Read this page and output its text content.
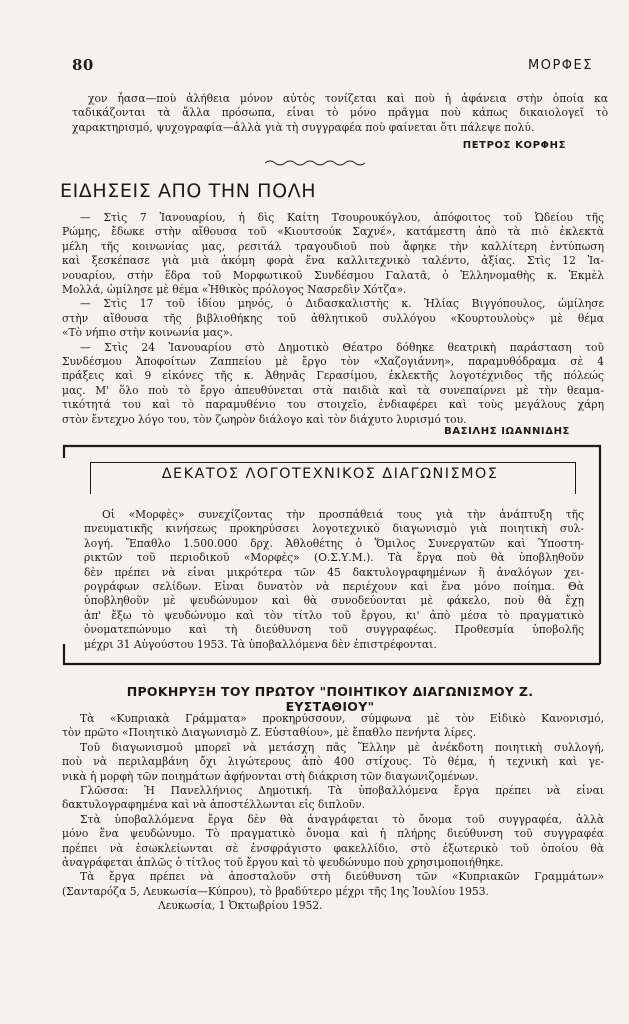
80	ΜΟΡΦΕΣ
χον ἦασα—ποὺ ἀλήθεια μόνον αὐτὸς τονίζεται καὶ ποὺ ἡ ἀφάνεια στὴν ὁποία κα
ταδικάζονται τὰ ἄλλα πρόσωπα, εἶναι τὸ μόνο πρᾶγμα ποὺ κάπως δικαιολογεῖ τὸ
χαρακτηρισμό, ψυχογραφία—ἀλλὰ γιὰ τὴ συγγραφέα ποὺ φαίνεται ὅτι πάλεψε πολύ.
ΠΕΤΡΟΣ ΚΟΡΦΗΣ
ΕΙΔΗΣΕΙΣ ΑΠΟ ΤΗΝ ΠΟΛΗ
— Στὶς 7 Ἰανουαρίου, ἡ δὶς Καίτη Τσουρουκόγλου, ἀπόφοιτος τοῦ Ὠδείου τῆς
Ρώμης, ἔδωκε στὴν αἴθουσα τοῦ «Κιουτσούκ Σαχνέ», κατάμεστη ἀπὸ τὰ πιὸ ἐκλεκτὰ
μέλη τῆς κοινωνίας μας, ρεσιτάλ τραγουδιοῦ ποὺ ἄφηκε τὴν καλλίτερη ἐντύπωση
καὶ ξεσκέπασε γιὰ μιὰ ἀκόμη φορὰ ἕνα καλλιτεχνικὸ ταλέντο, ἀξίας. Στὶς 12 Ἰα-
νουαρίου, στὴν ἕδρα τοῦ Μορφωτικοῦ Συνδέσμου Γαλατᾶ, ὁ Ἑλληνομαθὴς κ. Ἐκμὲλ
Μολλά, ὡμίλησε μὲ θέμα «Ἠθικὸς πρόλογος Νασρεδὶν Χότζα».
— Στὶς 17 τοῦ ἰδίου μηνός, ὁ Διδασκαλιστὴς κ. Ἠλίας Βιγγόπουλος, ὡμίλησε
στὴν αἴθουσα τῆς βιβλιοθήκης τοῦ ἀθλητικοῦ συλλόγου «Κουρτουλοὺς» μὲ θέμα
«Τὸ νήπιο στὴν κοινωνία μας».
— Στὶς 24 Ἰανουαρίου στὸ Δημοτικὸ Θέατρο δόθηκε θεατρικὴ παράσταση τοῦ
Συνδέσμου Ἀποφοίτων Ζαππείου μὲ ἔργο τὸν «Χαζογιάννη», παραμυθόδραμα σὲ 4
πράξεις καὶ 9 εἰκόνες τῆς κ. Ἀθηνᾶς Γερασίμου, ἐκλεκτῆς λογοτέχνιδος τῆς πόλεώς
μας. Μ' ὅλο ποὺ τὸ ἔργο ἀπευθύνεται στὰ παιδιὰ καὶ τὰ συνεπαίρνει μὲ τὴν θεαμα-
τικότητά του καὶ τὸ παραμυθένιο του στοιχεῖο, ἐνδιαφέρει καὶ τοὺς μεγάλους χάρη
στὸν ἔντεχνο λόγο του, τὸν ζωηρὸν διάλογο καὶ τὸν διάχυτο λυρισμό του.
ΒΑΣΙΛΗΣ ΙΩΑΝΝΙΔΗΣ
ΔΕΚΑΤΟΣ ΛΟΓΟΤΕΧΝΙΚΟΣ ΔΙΑΓΩΝΙΣΜΟΣ
Οἱ «Μορφὲς» συνεχίζοντας τὴν προσπάθειά τους γιὰ τὴν ἀνάπτυξη τῆς
πνευματικῆς κινήσεως προκηρύσσει λογοτεχνικὸ διαγωνισμὸ γιὰ ποιητικὴ συλ-
λογή. Ἔπαθλο 1.500.000 δρχ. Ἀθλοθέτης ὁ Ὅμιλος Συνεργατῶν καὶ Ὑποστη-
ρικτῶν τοῦ περιοδικοῦ «Μορφὲς» (Ο.Σ.Υ.Μ.). Τὰ ἔργα ποὺ θὰ ὑποβληθοῦν
δὲν πρέπει νὰ εἶναι μικρότερα τῶν 45 δακτυλογραφημένων ἢ ἀναλόγων χει-
ρογράφων σελίδων. Εἶναι δυνατὸν νὰ περιέχουν καὶ ἕνα μόνο ποίημα. Θὰ
ὑποβληθοῦν μὲ ψευδώνυμον καὶ θὰ συνοδεύονται μὲ φάκελο, ποὺ θὰ ἔχῃ
ἀπ' ἔξω τὸ ψευδώνυμο καὶ τὸν τίτλο τοῦ ἔργου, κι' ἀπὸ μέσα τὸ πραγματικὸ
ὀνοματεπώνυμο καὶ τὴ διεύθυνση τοῦ συγγραφέως. Προθεσμία ὑποβολῆς
μέχρι 31 Αὐγούστου 1953. Τὰ ὑποβαλλόμενα δὲν ἐπιστρέφονται.
ΠΡΟΚΗΡΥΞΗ ΤΟΥ ΠΡΩΤΟΥ "ΠΟΙΗΤΙΚΟΥ ΔΙΑΓΩΝΙΣΜΟΥ Ζ. ΕΥΣΤΑΘΙΟΥ"
Τὰ «Κυπριακὰ Γράμματα» προκηρύσσουν, σύμφωνα μὲ τὸν Εἰδικὸ Κανονισμό,
τὸν πρῶτο «Ποιητικὸ Διαγωνισμὸ Ζ. Εὐσταθίου», μὲ ἔπαθλο πενήντα λίρες.
Τοῦ διαγωνισμοῦ μπορεῖ νὰ μετάσχη πᾶς Ἕλλην μὲ ἀνέκδοτη ποιητικὴ συλλογή,
ποὺ νὰ περιλαμβάνη ὄχι λιγώτερους ἀπὸ 400 στίχους. Τὸ θέμα, ἡ τεχνικὴ καὶ γε-
νικὰ ἡ μορφὴ τῶν ποιημάτων ἀφήνονται στὴ διάκριση τῶν διαγωνιζομένων.
Γλῶσσα: Ἡ Πανελλήνιος Δημοτική. Τὰ ὑποβαλλόμενα ἔργα πρέπει νὰ εἶναι
δακτυλογραφημένα καὶ νὰ ἀποστέλλωνται εἰς διπλοῦν.
Στὰ ὑποβαλλόμενα ἔργα δὲν θὰ ἀναγράφεται τὸ ὄνομα τοῦ συγγραφέα, ἀλλὰ
μόνο ἕνα ψευδώνυμο. Τὸ πραγματικὸ ὄνομα καὶ ἡ πλήρης διεύθυνση τοῦ συγγραφέα
πρέπει νὰ ἐσωκλείωνται σὲ ἐνσφράγιστο φακελλίδιο, στὸ ἐξωτερικὸ τοῦ ὁποίου θὰ
ἀναγράφεται ἁπλῶς ὁ τίτλος τοῦ ἔργου καὶ τὸ ψευδώνυμο ποὺ χρησιμοποιήθηκε.
Τὰ ἔργα πρέπει νὰ ἀποσταλοῦν στὴ διεύθυνση τῶν «Κυπριακῶν Γραμμάτων»
(Σανταρόζα 5, Λευκωσία—Κύπρου), τὸ βραδύτερο μέχρι τῆς 1ης Ἰουλίου 1953.
Λευκωσία, 1 Ὀκτωβρίου 1952.
